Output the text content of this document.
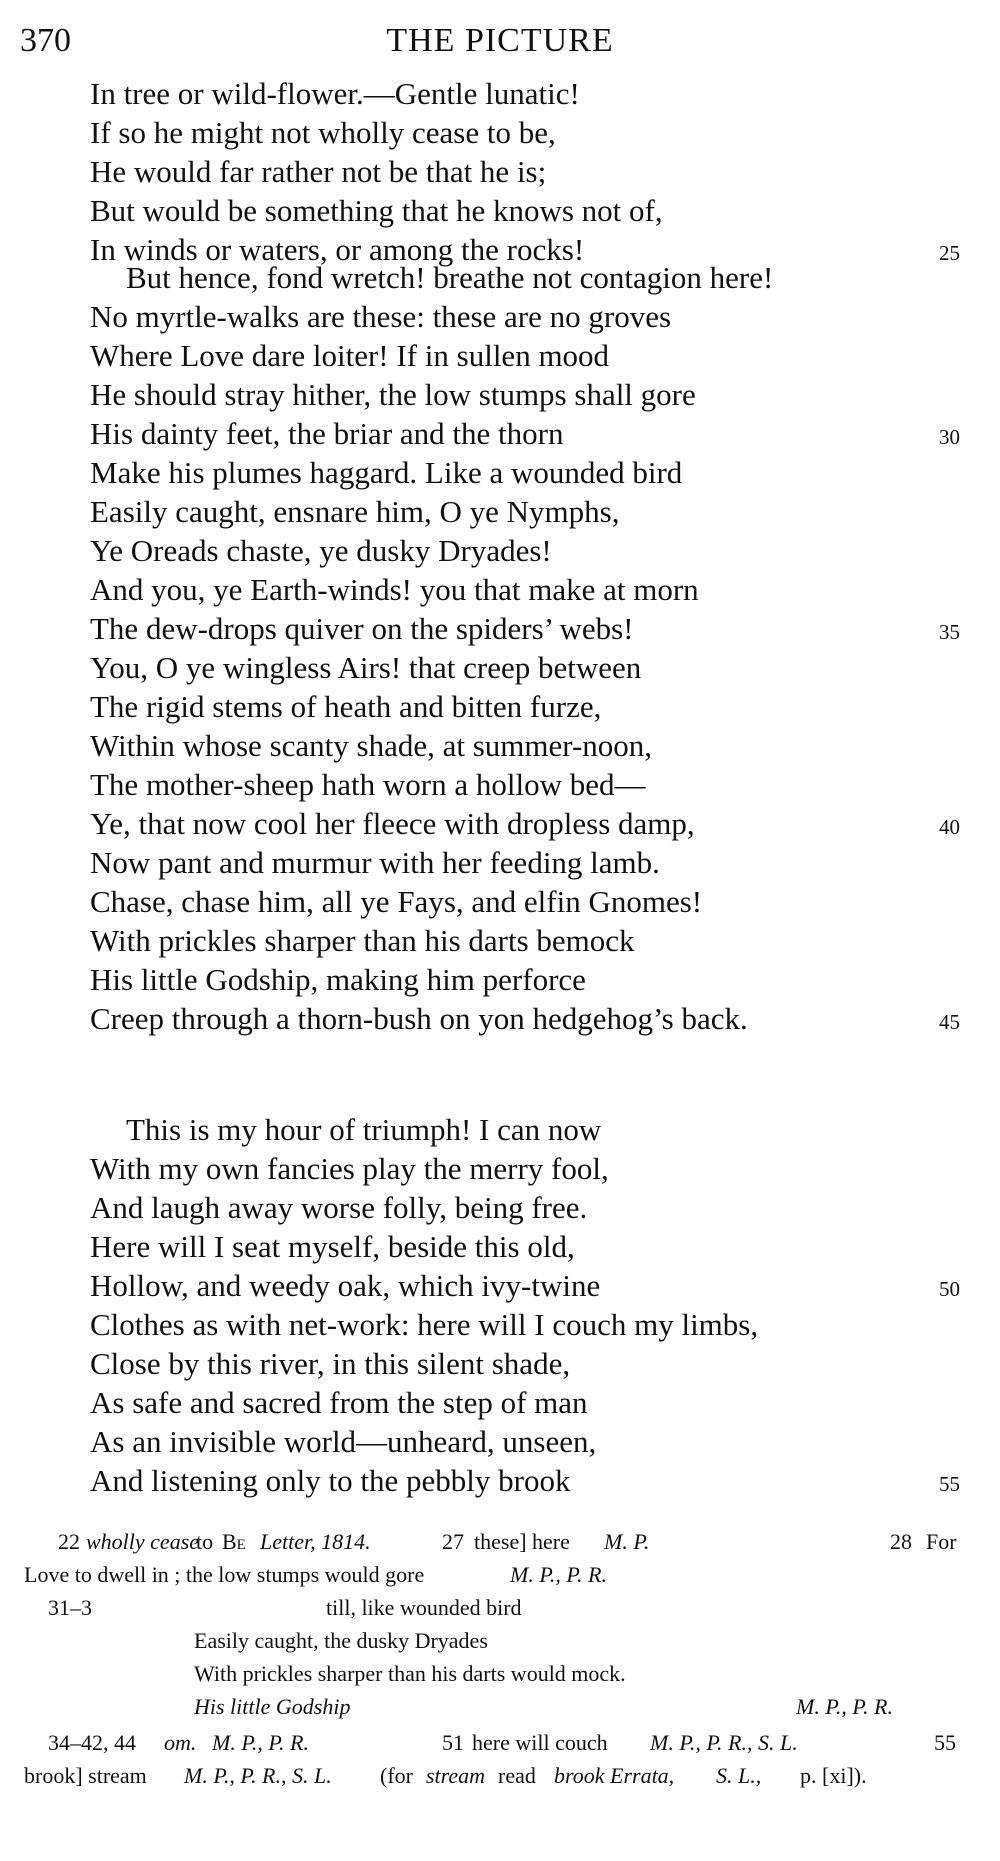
370	THE PICTURE
In tree or wild-flower.—Gentle lunatic!
If so he might not wholly cease to be,
He would far rather not be that he is;
But would be something that he knows not of,
In winds or waters, or among the rocks!	25
But hence, fond wretch! breathe not contagion here!
No myrtle-walks are these: these are no groves
Where Love dare loiter! If in sullen mood
He should stray hither, the low stumps shall gore
His dainty feet, the briar and the thorn	30
Make his plumes haggard. Like a wounded bird
Easily caught, ensnare him, O ye Nymphs,
Ye Oreads chaste, ye dusky Dryades!
And you, ye Earth-winds! you that make at morn
The dew-drops quiver on the spiders’ webs!	35
You, O ye wingless Airs! that creep between
The rigid stems of heath and bitten furze,
Within whose scanty shade, at summer-noon,
The mother-sheep hath worn a hollow bed—
Ye, that now cool her fleece with dropless damp,	40
Now pant and murmur with her feeding lamb.
Chase, chase him, all ye Fays, and elfin Gnomes!
With prickles sharper than his darts bemock
His little Godship, making him perforce
Creep through a thorn-bush on yon hedgehog’s back.	45
This is my hour of triumph! I can now
With my own fancies play the merry fool,
And laugh away worse folly, being free.
Here will I seat myself, beside this old,
Hollow, and weedy oak, which ivy-twine	50
Clothes as with net-work: here will I couch my limbs,
Close by this river, in this silent shade,
As safe and sacred from the step of man
As an invisible world—unheard, unseen,
And listening only to the pebbly brook	55
22 wholly cease
to Be Letter, 1814.	27 these] here M. P.	28 For
Love to dwell in ; the low stumps would gore	M. P., P. R.
31–3	till, like wounded bird
Easily caught, the dusky Dryades
With prickles sharper than his darts would mock.
His little Godship	M. P., P. R.
34–42, 44 om. M. P., P. R.	51 here will couch M. P., P. R., S. L.	55
brook] stream M. P., P. R., S. L. (for stream read brook Errata, S. L., p. [xi]).
